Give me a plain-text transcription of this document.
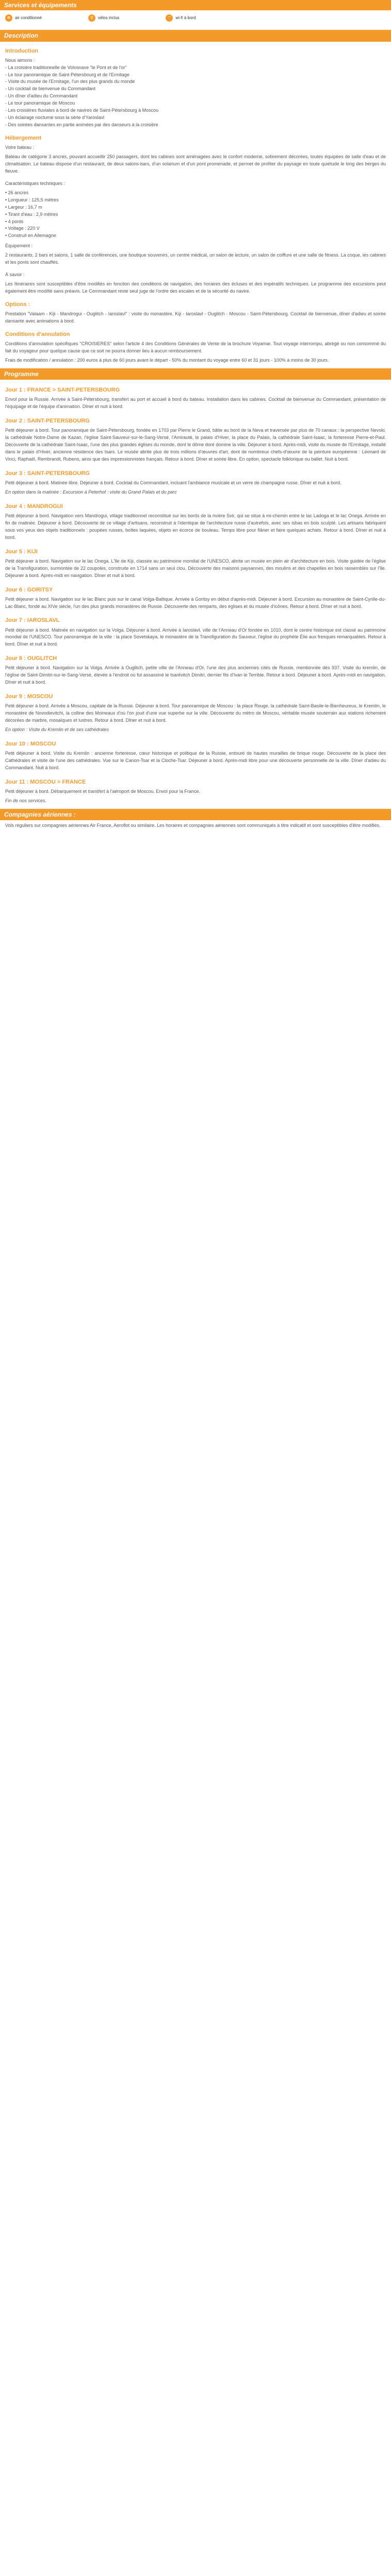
Services et équipements
❄	air conditionné	⚲	vélos inclus	⌔	wi-fi à bord
Description
Introduction

Nous aimons :

- La croisière traditionnelle de Volosnave "le Pont et de l'or"

- Le tour panoramique de Saint-Pétersbourg et de l'Ermitage

- Visite du musée de l'Ermitage, l'un des plus grands du monde

- Un cocktail de bienvenue du Commandant

- Un dîner d'adieu du Commandant

- Le tour panoramique de Moscou

- Les croisières fluviales à bord de navires de Saint-Pétersbourg à Moscou

- Un éclairage nocturne sous la série d'Yaroslavl

- Des soirées dansantes en partie animées par des danseurs à la croisière

Hébergement

Votre bateau :

Bateau de catégorie 3 ancres, pouvant accueillir 250 passagers, dont les cabines sont aménagées avec le confort moderne, sobrement décorées, toutes équipées de salle d'eau et de climatisation. Le bateau dispose d'un restaurant, de deux salons-bars, d'un solarium et d'un pont promenade, et permet de profiter du paysage en toute quiétude le long des berges du fleuve.

Caractéristiques techniques :

• 26 ancres

• Longueur : 125,5 mètres

• Largeur : 16,7 m

• Tirant d'eau : 2,9 mètres

• 4 ponts

• Voltage : 220 V

• Construit en Allemagne

Équipement :

2 restaurants, 2 bars et salons, 1 salle de conférences, une boutique souvenirs, un centre médical, un salon de lecture, un salon de coiffure et une salle de fitness. La coque, les cabines et les ponts sont chauffés.

À savoir :

Les Itinéraires sont susceptibles d'être modifiés en fonction des conditions de navigation, des horaires des écluses et des impératifs techniques. Le programme des excursions peut également être modifié sans préavis. Le Commandant reste seul juge de l'ordre des escales et de la sécurité du navire.

Options :

Prestation "Valaam - Kiji - Mandrogui - Ouglitch - Iaroslavl" : visite du monastère, Kiji - Iaroslavl - Ouglitch - Moscou - Saint-Pétersbourg. Cocktail de bienvenue, dîner d'adieu et soirée dansante avec animations à bord.

Conditions d'annulation

Conditions d'annulation spécifiques "CROISIERES" selon l'article 4 des Conditions Générales de Vente de la brochure Voyamar. Tout voyage interrompu, abrégé ou non consommé du fait du voyageur pour quelque cause que ce soit ne pourra donner lieu à aucun remboursement.

Frais de modification / annulation : 200 euros à plus de 60 jours avant le départ - 50% du montant du voyage entre 60 et 31 jours - 100% à moins de 30 jours.

Programme
Jour 1 : FRANCE > SAINT-PETERSBOURG

Envol pour la Russie. Arrivée à Saint-Pétersbourg, transfert au port et accueil à bord du bateau. Installation dans les cabines. Cocktail de bienvenue du Commandant, présentation de l'équipage et de l'équipe d'animation. Dîner et nuit à bord.

Jour 2 : SAINT-PETERSBOURG

Petit déjeuner à bord. Tour panoramique de Saint-Pétersbourg, fondée en 1703 par Pierre le Grand, bâtie au bord de la Neva et traversée par plus de 70 canaux : la perspective Nevski, la cathédrale Notre-Dame de Kazan, l'église Saint-Sauveur-sur-le-Sang-Versé, l'Amirauté, le palais d'Hiver, la place du Palais, la cathédrale Saint-Isaac, la forteresse Pierre-et-Paul. Découverte de la cathédrale Saint-Isaac, l'une des plus grandes églises du monde, dont le dôme doré domine la ville. Déjeuner à bord. Après-midi, visite du musée de l'Ermitage, installé dans le palais d'Hiver, ancienne résidence des tsars. Le musée abrite plus de trois millions d'œuvres d'art, dont de nombreux chefs-d'œuvre de la peinture européenne : Léonard de Vinci, Raphaël, Rembrandt, Rubens, ainsi que des impressionnistes français. Retour à bord. Dîner et soirée libre. En option, spectacle folklorique ou ballet. Nuit à bord.

Jour 3 : SAINT-PETERSBOURG

Petit déjeuner à bord. Matinée libre. Déjeuner à bord. Cocktail du Commandant, incluant l'ambiance musicale et un verre de champagne russe. Dîner et nuit à bord.

En option dans la matinée : Excursion à Peterhof : visite du Grand Palais et du parc

Jour 4 : MANDROGUI

Petit déjeuner à bord. Navigation vers Mandrogui, village traditionnel reconstitué sur les bords de la rivière Svir, qui se situe à mi-chemin entre le lac Ladoga et le lac Onega. Arrivée en fin de matinée. Déjeuner à bord. Découverte de ce village d'artisans, reconstruit à l'identique de l'architecture russe d'autrefois, avec ses isbas en bois sculpté. Les artisans fabriquent sous vos yeux des objets traditionnels : poupées russes, boîtes laquées, objets en écorce de bouleau. Temps libre pour flâner et faire quelques achats. Retour à bord. Dîner et nuit à bord.

Jour 5 : KIJI

Petit déjeuner à bord. Navigation sur le lac Onega. L'île de Kiji, classée au patrimoine mondial de l'UNESCO, abrite un musée en plein air d'architecture en bois. Visite guidée de l'église de la Transfiguration, surmontée de 22 coupoles, construite en 1714 sans un seul clou. Découverte des maisons paysannes, des moulins et des chapelles en bois rassemblés sur l'île. Déjeuner à bord. Après-midi en navigation. Dîner et nuit à bord.

Jour 6 : GORITSY

Petit déjeuner à bord. Navigation sur le lac Blanc puis sur le canal Volga-Baltique. Arrivée à Goritsy en début d'après-midi. Déjeuner à bord. Excursion au monastère de Saint-Cyrille-du-Lac-Blanc, fondé au XIVe siècle, l'un des plus grands monastères de Russie. Découverte des remparts, des églises et du musée d'icônes. Retour à bord. Dîner et nuit à bord.

Jour 7 : IAROSLAVL

Petit déjeuner à bord. Matinée en navigation sur la Volga. Déjeuner à bord. Arrivée à Iaroslavl, ville de l'Anneau d'Or fondée en 1010, dont le centre historique est classé au patrimoine mondial de l'UNESCO. Tour panoramique de la ville : la place Sovetskaya, le monastère de la Transfiguration du Sauveur, l'église du prophète Élie aux fresques remarquables. Retour à bord. Dîner et nuit à bord.

Jour 8 : OUGLITCH

Petit déjeuner à bord. Navigation sur la Volga. Arrivée à Ouglitch, petite ville de l'Anneau d'Or, l'une des plus anciennes cités de Russie, mentionnée dès 937. Visite du kremlin, de l'église de Saint-Dimitri-sur-le-Sang-Versé, élevée à l'endroit où fut assassiné le tsarévitch Dimitri, dernier fils d'Ivan le Terrible. Retour à bord. Déjeuner à bord. Après-midi en navigation. Dîner et nuit à bord.

Jour 9 : MOSCOU

Petit déjeuner à bord. Arrivée à Moscou, capitale de la Russie. Déjeuner à bord. Tour panoramique de Moscou : la place Rouge, la cathédrale Saint-Basile-le-Bienheureux, le Kremlin, le monastère de Novodievitchi, la colline des Moineaux d'où l'on jouit d'une vue superbe sur la ville. Découverte du métro de Moscou, véritable musée souterrain aux stations richement décorées de marbre, mosaïques et lustres. Retour à bord. Dîner et nuit à bord.

En option : Visite du Kremlin et de ses cathédrales

Jour 10 : MOSCOU

Petit déjeuner à bord. Visite du Kremlin : ancienne forteresse, cœur historique et politique de la Russie, entouré de hautes murailles de brique rouge. Découverte de la place des Cathédrales et visite de l'une des cathédrales. Vue sur le Canon-Tsar et la Cloche-Tsar. Déjeuner à bord. Après-midi libre pour une découverte personnelle de la ville. Dîner d'adieu du Commandant. Nuit à bord.

Jour 11 : MOSCOU > FRANCE

Petit déjeuner à bord. Débarquement et transfert à l'aéroport de Moscou. Envol pour la France.

Fin de nos services.

Compagnies aériennes :

Vols réguliers sur compagnies aériennes Air France, Aeroflot ou similaire. Les horaires et compagnies aériennes sont communiqués à titre indicatif et sont susceptibles d'être modifiés.
